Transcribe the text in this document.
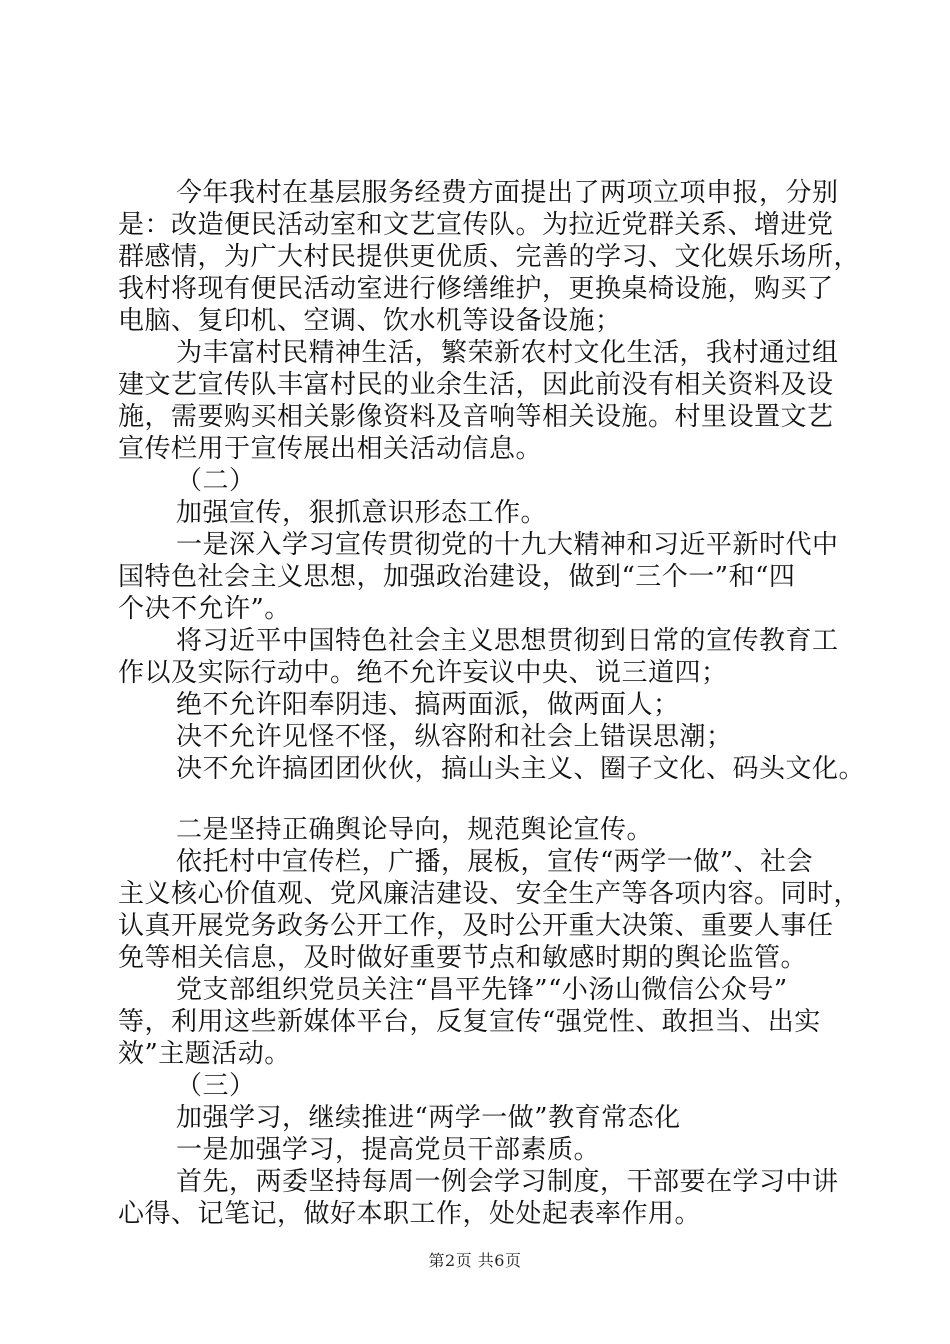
今年我村在基层服务经费方面提出了两项立项申报，分别
是：改造便民活动室和文艺宣传队。为拉近党群关系、增进党
群感情，为广大村民提供更优质、完善的学习、文化娱乐场所，
我村将现有便民活动室进行修缮维护，更换桌椅设施，购买了
电脑、复印机、空调、饮水机等设备设施；
为丰富村民精神生活，繁荣新农村文化生活，我村通过组
建文艺宣传队丰富村民的业余生活，因此前没有相关资料及设
施，需要购买相关影像资料及音响等相关设施。村里设置文艺
宣传栏用于宣传展出相关活动信息。
（二）
加强宣传，狠抓意识形态工作。
一是深入学习宣传贯彻党的十九大精神和习近平新时代中
国特色社会主义思想，加强政治建设，做到“三个一”和“四
个决不允许”。
将习近平中国特色社会主义思想贯彻到日常的宣传教育工
作以及实际行动中。绝不允许妄议中央、说三道四；
绝不允许阳奉阴违、搞两面派，做两面人；
决不允许见怪不怪，纵容附和社会上错误思潮；
决不允许搞团团伙伙，搞山头主义、圈子文化、码头文化。
二是坚持正确舆论导向，规范舆论宣传。
依托村中宣传栏，广播，展板，宣传“两学一做”、社会
主义核心价值观、党风廉洁建设、安全生产等各项内容。同时，
认真开展党务政务公开工作，及时公开重大决策、重要人事任
免等相关信息，及时做好重要节点和敏感时期的舆论监管。
党支部组织党员关注“昌平先锋”“小汤山微信公众号”
等，利用这些新媒体平台，反复宣传“强党性、敢担当、出实
效”主题活动。
（三）
加强学习，继续推进“两学一做”教育常态化
一是加强学习，提高党员干部素质。
首先，两委坚持每周一例会学习制度，干部要在学习中讲
心得、记笔记，做好本职工作，处处起表率作用。
第2页 共6页
